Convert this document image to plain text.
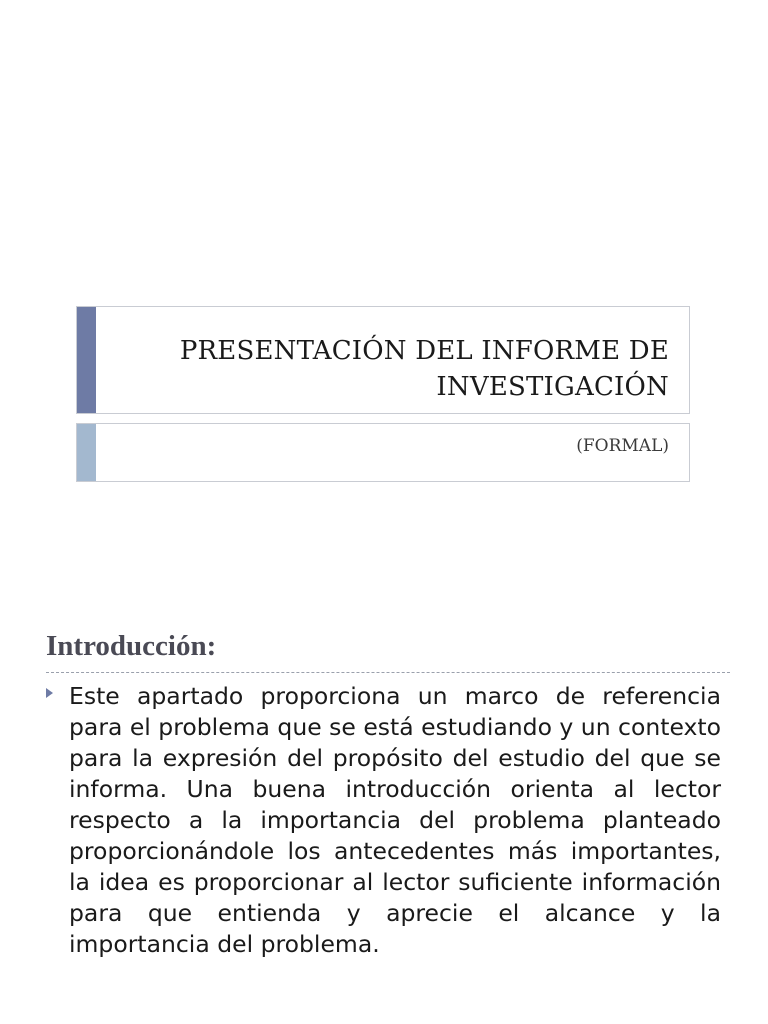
PRESENTACIÓN DEL INFORME DE
INVESTIGACIÓN
(FORMAL)
Introducción:

Este apartado proporciona un marco de referencia para el problema que se está estudiando y un contexto para la expresión del propósito del estudio del que se informa. Una buena introducción orienta al lector respecto a la importancia del problema planteado proporcionándole los antecedentes más importantes, la idea es proporcionar al lector suficiente información para que entienda y aprecie el alcance y la importancia del problema.
